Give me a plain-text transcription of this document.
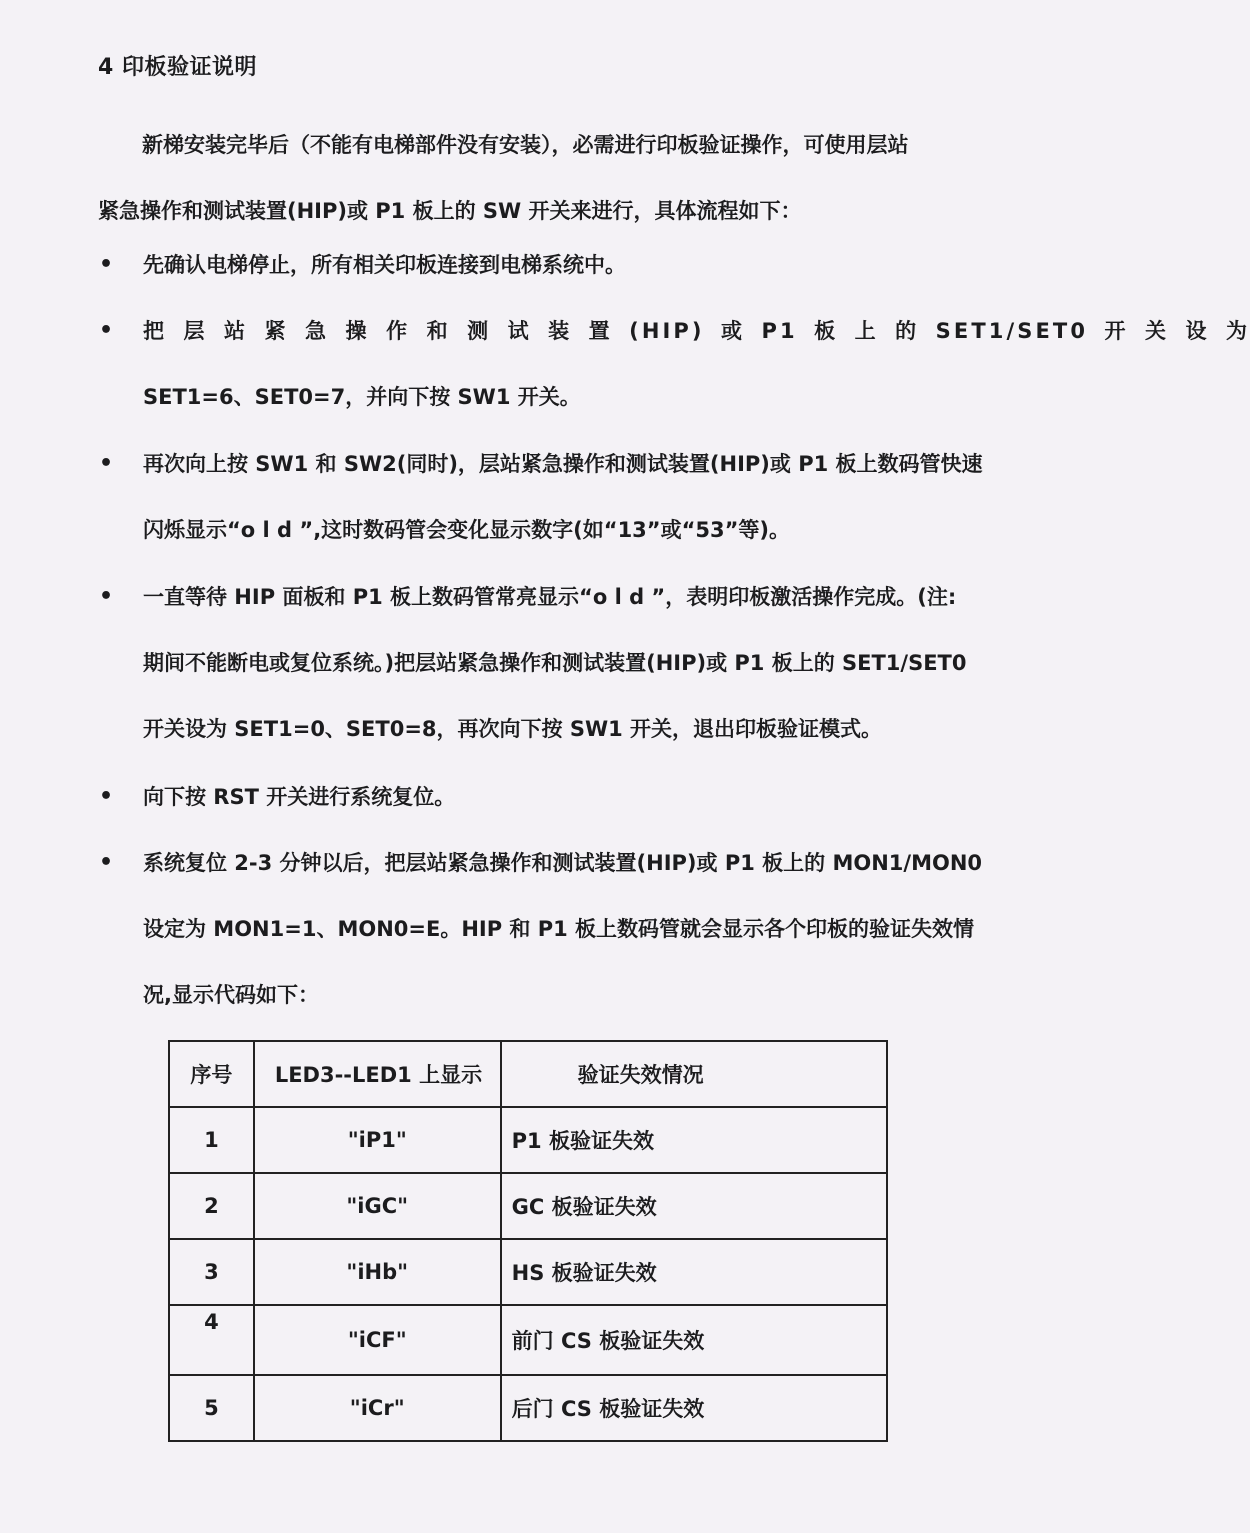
4 印板验证说明
新梯安装完毕后（不能有电梯部件没有安装），必需进行印板验证操作，可使用层站
紧急操作和测试装置(HIP)或 P1 板上的 SW 开关来进行，具体流程如下：
• 先确认电梯停止，所有相关印板连接到电梯系统中。
• 把 层 站 紧 急 操 作 和 测 试 装 置 (HIP) 或 P1 板 上 的 SET1/SET0 开 关 设 为
SET1=6、SET0=7，并向下按 SW1 开关。
• 再次向上按 SW1 和 SW2(同时)，层站紧急操作和测试装置(HIP)或 P1 板上数码管快速
闪烁显示“o l d ”,这时数码管会变化显示数字(如“13”或“53”等)。
• 一直等待 HIP 面板和 P1 板上数码管常亮显示“o l d ”，表明印板激活操作完成。(注:
期间不能断电或复位系统。)把层站紧急操作和测试装置(HIP)或 P1 板上的 SET1/SET0
开关设为 SET1=0、SET0=8，再次向下按 SW1 开关，退出印板验证模式。
• 向下按 RST 开关进行系统复位。
• 系统复位 2-3 分钟以后，把层站紧急操作和测试装置(HIP)或 P1 板上的 MON1/MON0
设定为 MON1=1、MON0=E。HIP 和 P1 板上数码管就会显示各个印板的验证失效情
况,显示代码如下：
序号	LED3--LED1 上显示	验证失效情况
1	"iP1"	P1 板验证失效
2	"iGC"	GC 板验证失效
3	"iHb"	HS 板验证失效
4	"iCF"	前门 CS 板验证失效
5	"iCr"	后门 CS 板验证失效
